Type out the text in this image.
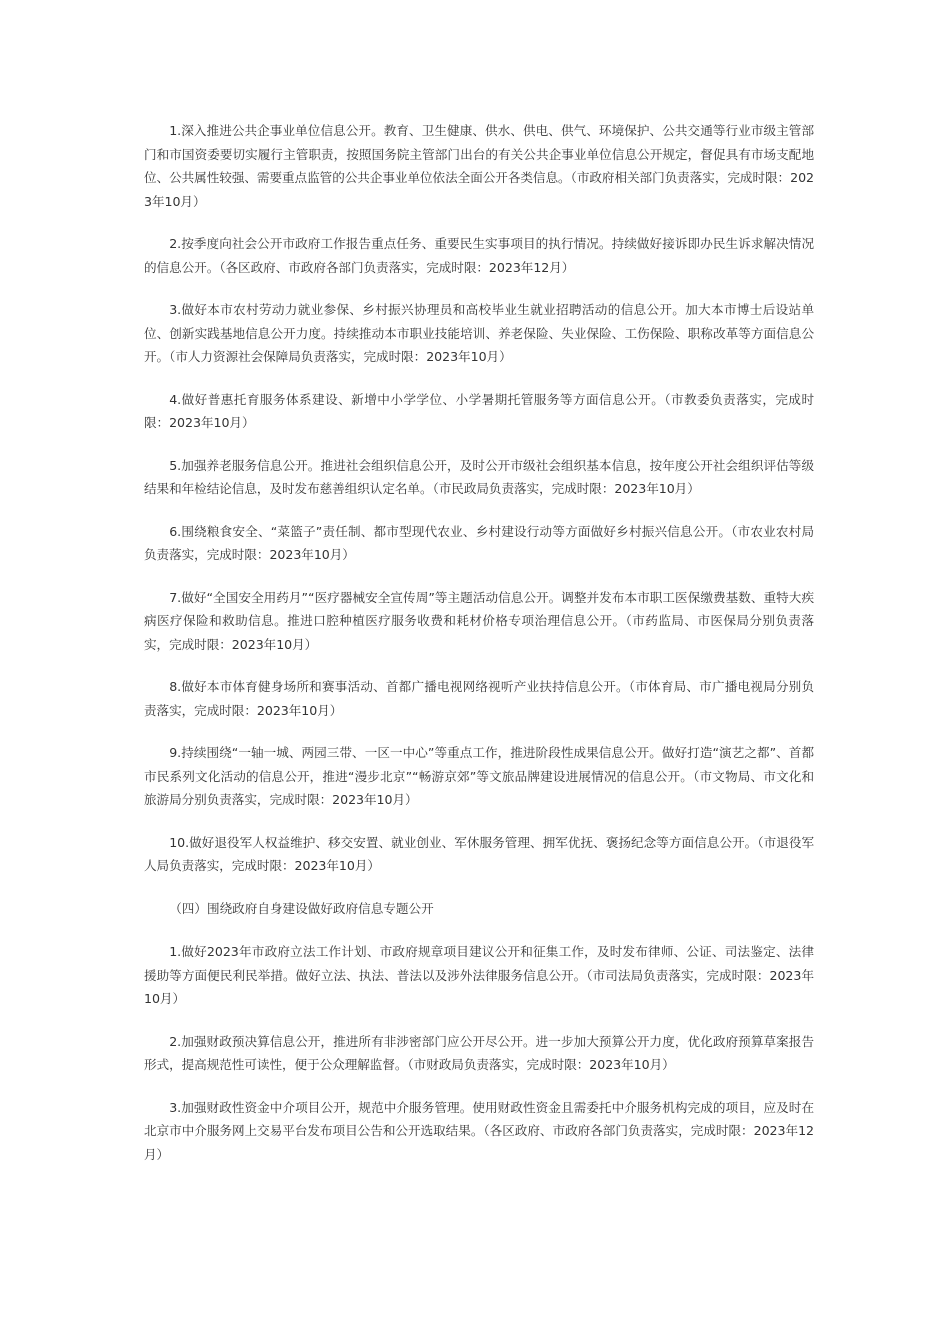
1.深入推进公共企事业单位信息公开。教育、卫生健康、供水、供电、供气、环境保护、公共交通等行业市级主管部门和市国资委要切实履行主管职责，按照国务院主管部门出台的有关公共企事业单位信息公开规定，督促具有市场支配地位、公共属性较强、需要重点监管的公共企事业单位依法全面公开各类信息。（市政府相关部门负责落实，完成时限：2023年10月）

2.按季度向社会公开市政府工作报告重点任务、重要民生实事项目的执行情况。持续做好接诉即办民生诉求解决情况的信息公开。（各区政府、市政府各部门负责落实，完成时限：2023年12月）

3.做好本市农村劳动力就业参保、乡村振兴协理员和高校毕业生就业招聘活动的信息公开。加大本市博士后设站单位、创新实践基地信息公开力度。持续推动本市职业技能培训、养老保险、失业保险、工伤保险、职称改革等方面信息公开。（市人力资源社会保障局负责落实，完成时限：2023年10月）

4.做好普惠托育服务体系建设、新增中小学学位、小学暑期托管服务等方面信息公开。（市教委负责落实，完成时限：2023年10月）

5.加强养老服务信息公开。推进社会组织信息公开，及时公开市级社会组织基本信息，按年度公开社会组织评估等级结果和年检结论信息，及时发布慈善组织认定名单。（市民政局负责落实，完成时限：2023年10月）

6.围绕粮食安全、“菜篮子”责任制、都市型现代农业、乡村建设行动等方面做好乡村振兴信息公开。（市农业农村局负责落实，完成时限：2023年10月）

7.做好“全国安全用药月”“医疗器械安全宣传周”等主题活动信息公开。调整并发布本市职工医保缴费基数、重特大疾病医疗保险和救助信息。推进口腔种植医疗服务收费和耗材价格专项治理信息公开。（市药监局、市医保局分别负责落实，完成时限：2023年10月）

8.做好本市体育健身场所和赛事活动、首都广播电视网络视听产业扶持信息公开。（市体育局、市广播电视局分别负责落实，完成时限：2023年10月）

9.持续围绕“一轴一城、两园三带、一区一中心”等重点工作，推进阶段性成果信息公开。做好打造“演艺之都”、首都市民系列文化活动的信息公开，推进“漫步北京”“畅游京郊”等文旅品牌建设进展情况的信息公开。（市文物局、市文化和旅游局分别负责落实，完成时限：2023年10月）

10.做好退役军人权益维护、移交安置、就业创业、军休服务管理、拥军优抚、褒扬纪念等方面信息公开。（市退役军人局负责落实，完成时限：2023年10月）

（四）围绕政府自身建设做好政府信息专题公开

1.做好2023年市政府立法工作计划、市政府规章项目建议公开和征集工作，及时发布律师、公证、司法鉴定、法律援助等方面便民利民举措。做好立法、执法、普法以及涉外法律服务信息公开。（市司法局负责落实，完成时限：2023年10月）

2.加强财政预决算信息公开，推进所有非涉密部门应公开尽公开。进一步加大预算公开力度，优化政府预算草案报告形式，提高规范性可读性，便于公众理解监督。（市财政局负责落实，完成时限：2023年10月）

3.加强财政性资金中介项目公开，规范中介服务管理。使用财政性资金且需委托中介服务机构完成的项目，应及时在北京市中介服务网上交易平台发布项目公告和公开选取结果。（各区政府、市政府各部门负责落实，完成时限：2023年12月）
